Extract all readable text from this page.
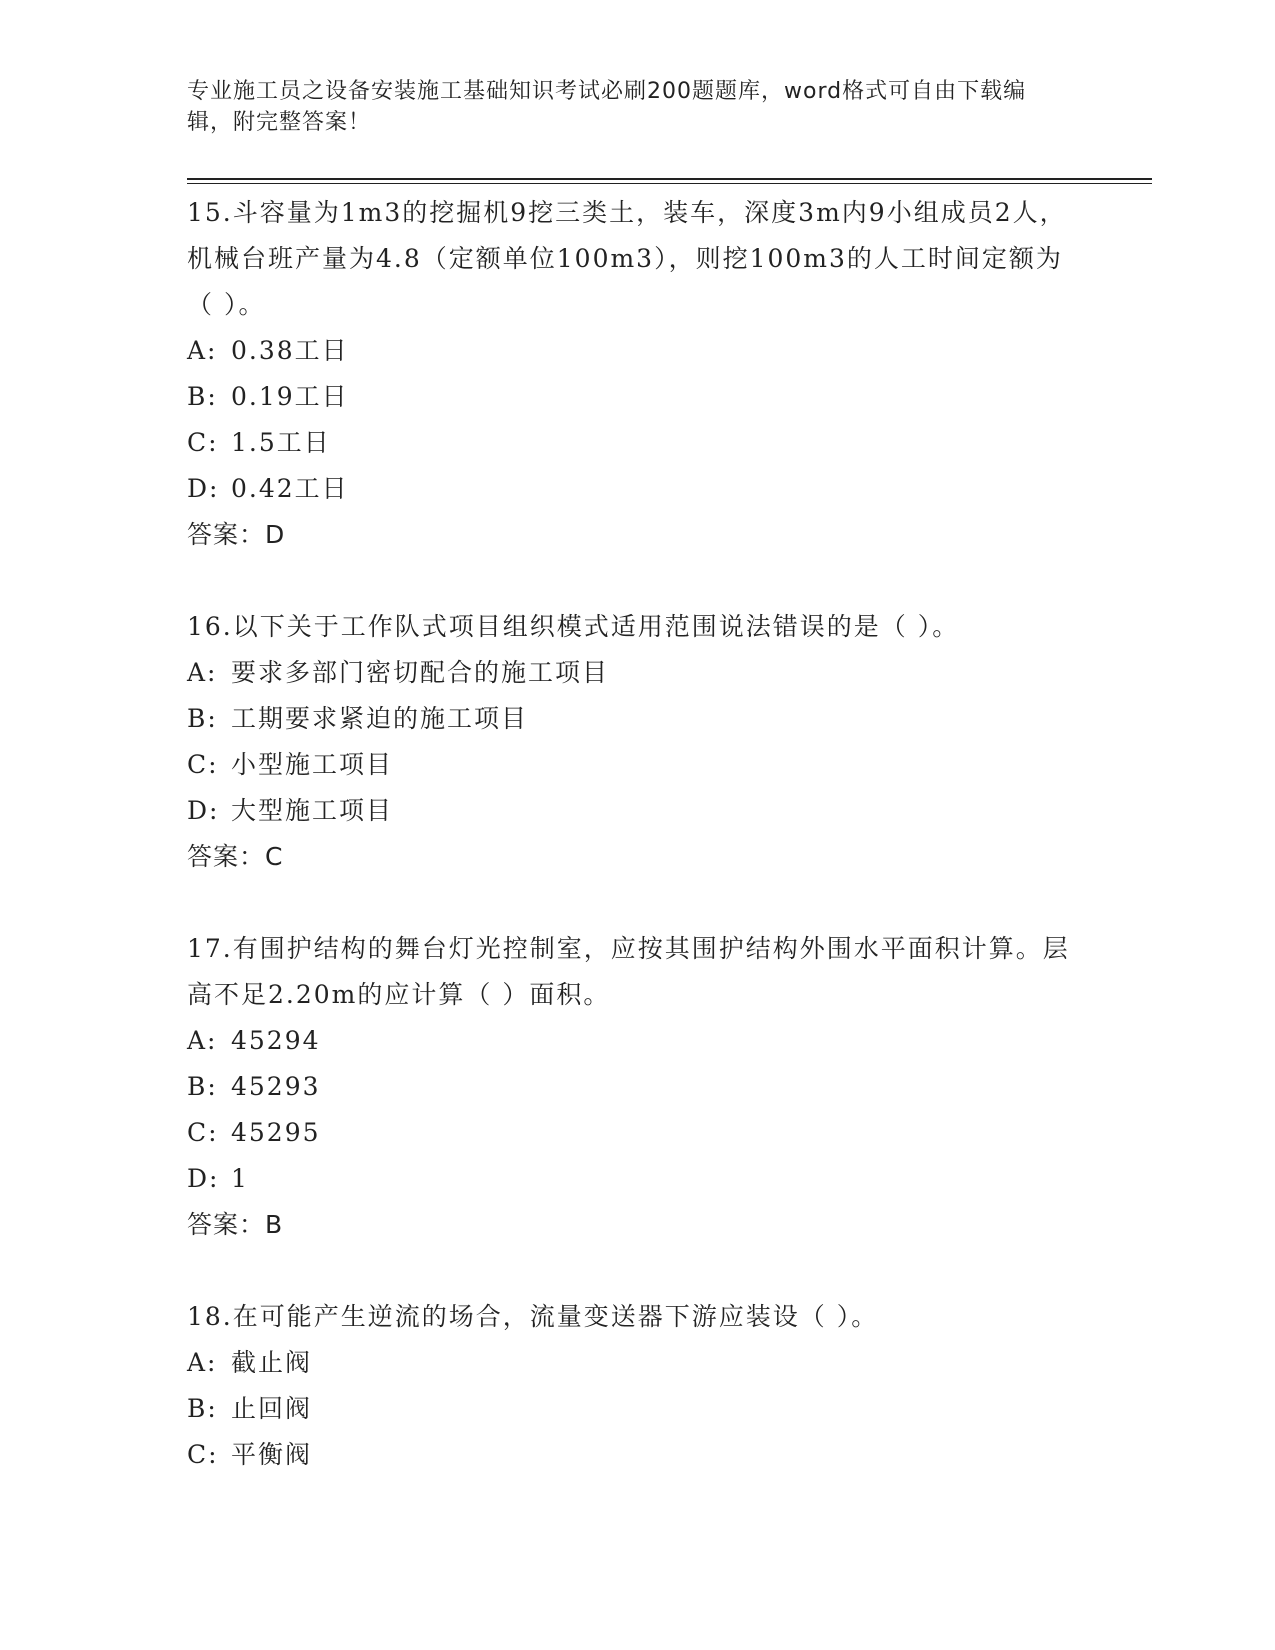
专业施工员之设备安装施工基础知识考试必刷200题题库，word格式可自由下载编辑，附完整答案！

15.斗容量为1m3的挖掘机9挖三类土，装车，深度3m内9小组成员2人，机械台班产量为4.8（定额单位100m3），则挖100m3的人工时间定额为（ ）。

A: 0.38工日

B: 0.19工日

C: 1.5工日

D: 0.42工日

答案：D

16.以下关于工作队式项目组织模式适用范围说法错误的是（ ）。

A: 要求多部门密切配合的施工项目

B: 工期要求紧迫的施工项目

C: 小型施工项目

D: 大型施工项目

答案：C

17.有围护结构的舞台灯光控制室，应按其围护结构外围水平面积计算。层高不足2.20m的应计算（ ）面积。

A: 45294

B: 45293

C: 45295

D: 1

答案：B

18.在可能产生逆流的场合，流量变送器下游应装设（ ）。

A: 截止阀

B: 止回阀

C: 平衡阀
